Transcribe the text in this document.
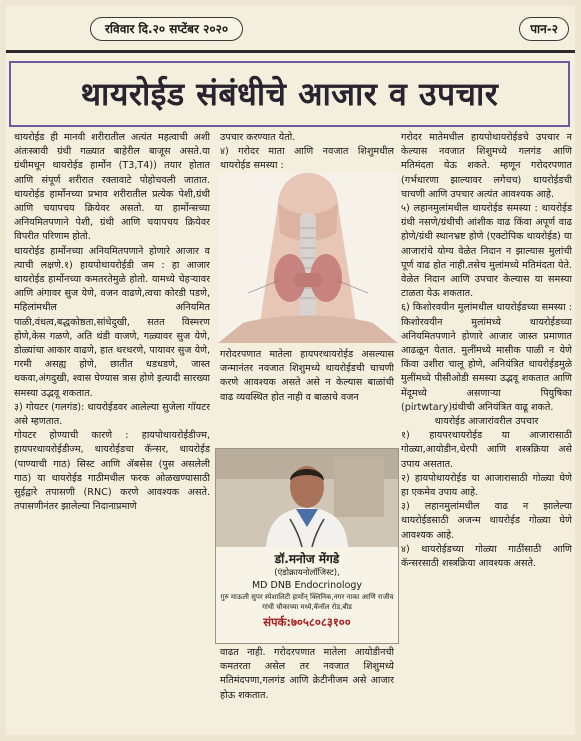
रविवार दि.२० सप्टेंबर २०२०	पान-२
थायरोईड संबंधीचे आजार व उपचार

थायरोईड ही मानवी शरीरातील अत्यंत महत्वाची अशी अंतःस्त्रावी ग्रंथी गळ्यात बाहेरील बाजूस असते.या ग्रंथीमधून थायरोईड हार्मोन (T3,T4)) तयार होतात आणि संपूर्ण शरीरात रक्तावाटे पोहोचवली जातात. थायरोईड हार्मोनच्या प्रभाव शरीरातील प्रत्येक पेशी,ग्रंथी आणि चयापचय क्रियेवर असतो. या हार्मोन्सच्या अनियमितपणाने पेशी, ग्रंथी आणि चयापचय क्रियेवर विपरीत परिणाम होतो.

थायरोईड हार्मोनच्या अनियमितपणाने होणारे आजार व त्याची लक्षणे.१) हायपोथायरोईडी जम : हा आजार थायरोईड हार्मोनच्या कमतरतेमुळे होतो. यामध्ये चेहऱ्यावर आणि अंगावर सुज येणे, वजन वाढणे,त्वचा कोरडी पडणे, महिलांमधील अनियमित पाळी,वंधत्व,बद्धकोष्ठता,सांधेदुखी, सतत विस्मरण होणे,केस गळणे, अति थंडी वाजणे, गळ्यावर सुज येणे, डोळ्यांचा आकार वाढणे, हात थरथरणे, पायावर सुज येणे, गरमी असह्य होणे, छातीत धडधडणे, जास्त थकवा,अंगदुखी, श्वास घेण्यास त्रास होणे इत्यादी सारख्या समस्या उद्भवू शकतात.

३) गोयटर (गलगंड): थायरोईडवर आलेल्या सुजेला गॉयटर असे म्हणतात.

गोयटर होण्याची कारणे : हायपोथायरोईडीज्म, हायपरथायरोईडीज्म, थायरोईडचा कॅन्सर, थायरोईड (पाण्याची गाठ) सिस्ट आणि ॲबसेस (पुस असलेली गाठ) या थायरोईड गाठीमधील फरक ओळखण्यासाठी सुईद्वारे तपासणी (RNC) करणे आवश्यक असते. तपासणीनंतर झालेल्या निदानाप्रमाणे

उपचार करण्यात येतो.

४) गरोदर माता आणि नवजात शिशुमधील थायरोईड समस्या :

गरोदरपणात मातेला हायपरथायरोईड असल्यास जन्मानंतर नवजात शिशुमध्ये थायरोईडची चाचणी करणे आवश्यक असते असे न केल्यास बाळांची वाढ व्यवस्थित होत नाही व बाळाचे वजन

डॉ.मनोज मेंगडे
(एंडोक्रायनोलॉजिस्ट),
MD DNB Endocrinology
गुरु माऊली सुपर स्पेशालिटी हार्मोन् क्लिनिक,नगर नाका आणि राजीव गांधी चौकाच्या मध्ये,कॅनॉल रोड,बीड
संपर्क:७०५८०८३१००

वाढत नाही. गरोदरपणात मातेला आयोडीनची कमतरता असेल तर नवजात शिशुमध्ये मतिमंदपणा,गलगंड आणि क्रेटीनीजम असे आजार होऊ शकतात.

गरोदर मातेमधील हायपोथायरोईडचे उपचार न केल्यास नवजात शिशुमध्ये गलगंड आणि मतिमंदता येऊ शकते. म्हणून गरोदरपणात (गर्भधारणा झाल्यावर लगेचच) थायरोईडची चाचणी आणि उपचार अत्यंत आवश्यक आहे.

५) लहानमुलांमधील थायरोईड समस्या : थायरोईड ग्रंथी नसणे/ग्रंथीची आंशीक वाढ किंवा अपूर्ण वाढ होणे/ग्रंथी स्थानभ्रष्ट होणे (एक्टोपिक थायरोईड) या आजारांचे योग्य वेळेत निदान न झाल्यास मुलांची पूर्ण वाढ होत नाही.तसेच मुलांमध्ये मतिमंदता येते. वेळेत निदान आणि उपचार केल्यास या समस्या टाळता येऊ शकतात.

६) किशोरवयीन मुलांमधील थायरोईडच्या समस्या : किशोरवयीन मुलांमध्ये थायरोईडच्या अनियमितपणाने होणारे आजार जास्त प्रमाणात आढळून येतात. मुलींमध्ये मासीक पाळी न येणे किंवा उशीरा चालू होणे, अनियंत्रित थायरोईडमुळे मुलींमध्ये पीसीओडी समस्या उद्भवू शकतात आणि मेंदूमध्ये असणाऱ्या पियुषिका (pirtwtary)ग्रंथीची अनियंत्रित वाढू शकते.

थायरोईड आजारांवरील उपचार

१) हायपरथायरोईड या आजारासाठी गोळ्या,आयोडीन,थेरपी आणि शस्त्रक्रिया असे उपाय असतात.

२) हायपोथायरोईड या आजारासाठी गोळ्या घेणे हा एकमेव उपाय आहे.

३) लहानमुलांमधील वाढ न झालेल्या थायरोईडसाठी अजन्म थायरोईड गोळ्या घेणे आवश्यक आहे.

४) थायरोईडच्या गोळ्या गाठींसाठी आणि कॅन्सरसाठी शस्त्रक्रिया आवश्यक असते.
